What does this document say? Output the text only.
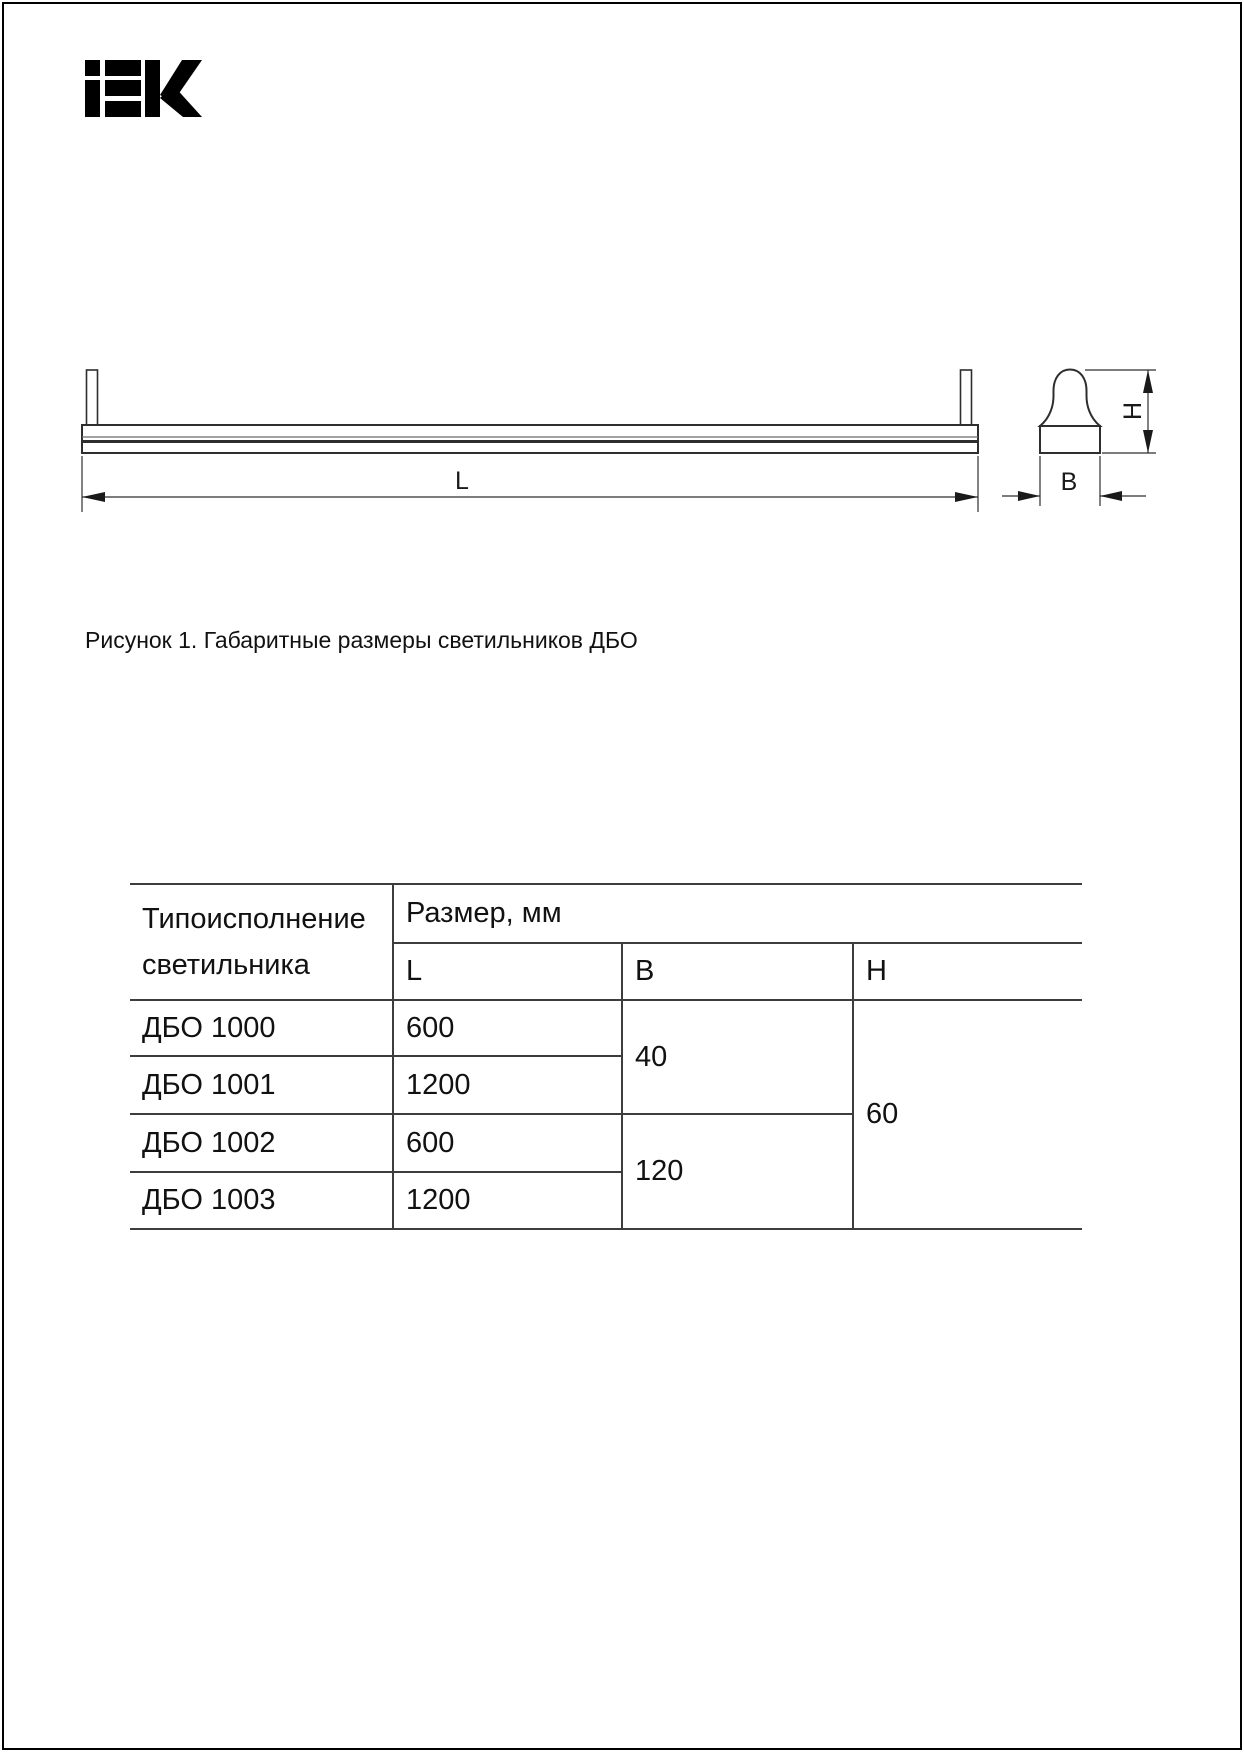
L	B
H
Рисунок 1. Габаритные размеры светильников ДБО
Типоисполнение
светильника	Размер, мм		
	L	B	H
ДБО 1000	600	40	60
ДБО 1001	1200		
ДБО 1002	600	120	
ДБО 1003	1200		
